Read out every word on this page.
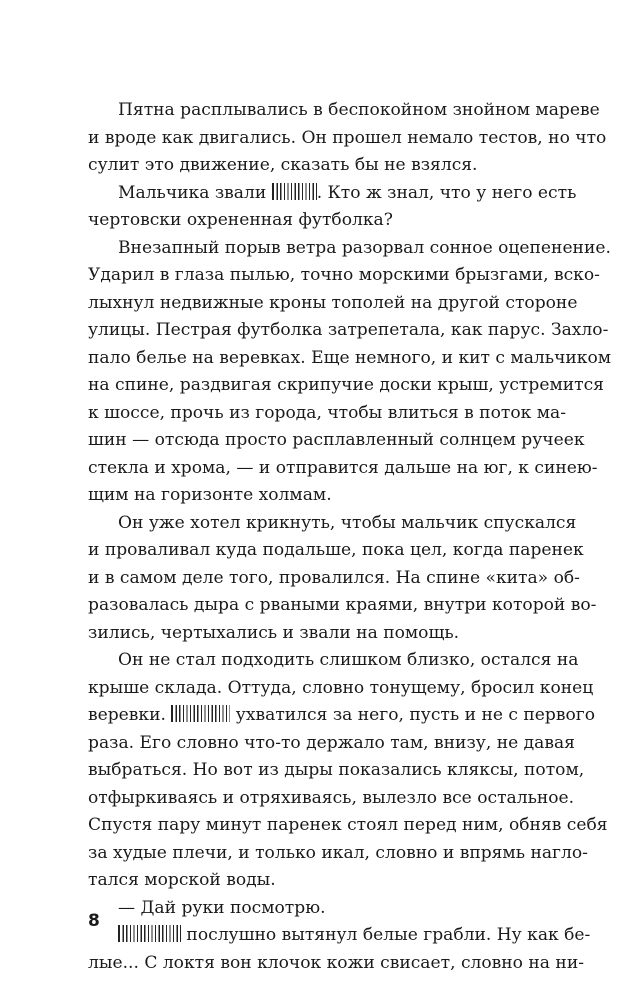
Пятна расплывались в беспокойном знойном мареве
и вроде как двигались. Он прошел немало тестов, но что
сулит это движение, сказать бы не взялся.
Мальчика звали	. Кто ж знал, что у него есть
чертовски охрененная футболка?
Внезапный порыв ветра разорвал сонное оцепенение.
Ударил в глаза пылью, точно морскими брызгами, вско-
лыхнул недвижные кроны тополей на другой стороне
улицы. Пестрая футболка затрепетала, как парус. Захло-
пало белье на веревках. Еще немного, и кит с мальчиком
на спине, раздвигая скрипучие доски крыш, устремится
к шоссе, прочь из города, чтобы влиться в поток ма-
шин — отсюда просто расплавленный солнцем ручеек
стекла и хрома, — и отправится дальше на юг, к синею-
щим на горизонте холмам.
Он уже хотел крикнуть, чтобы мальчик спускался
и проваливал куда подальше, пока цел, когда паренек
и в самом деле того, провалился. На спине «кита» об-
разовалась дыра с рваными краями, внутри которой во-
зились, чертыхались и звали на помощь.
Он не стал подходить слишком близко, остался на
крыше склада. Оттуда, словно тонущему, бросил конец
веревки.	ухватился за него, пусть и не с первого
раза. Его словно что-то держало там, внизу, не давая
выбраться. Но вот из дыры показались кляксы, потом,
отфыркиваясь и отряхиваясь, вылезло все остальное.
Спустя пару минут паренек стоял перед ним, обняв себя
за худые плечи, и только икал, словно и впрямь нагло-
тался морской воды.
— Дай руки посмотрю.
послушно вытянул белые грабли. Ну как бе-
лые... С локтя вон клочок кожи свисает, словно на ни-
8
